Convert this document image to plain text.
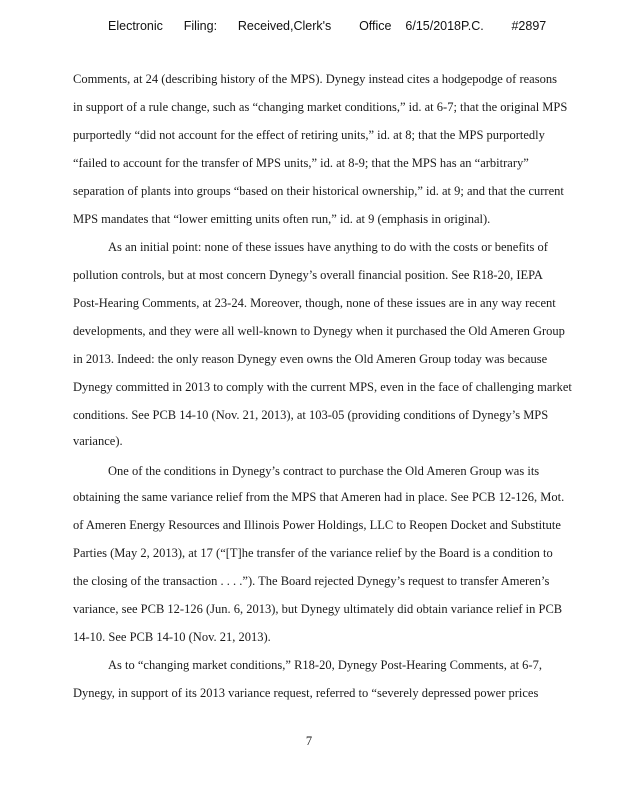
Electronic      Filing:      Received,Clerk's        Office    6/15/2018P.C.        #2897
Comments, at 24 (describing history of the MPS). Dynegy instead cites a hodgepodge of reasons
in support of a rule change, such as “changing market conditions,” id. at 6-7; that the original MPS
purportedly “did not account for the effect of retiring units,” id. at 8; that the MPS purportedly
“failed to account for the transfer of MPS units,” id. at 8-9; that the MPS has an “arbitrary”
separation of plants into groups “based on their historical ownership,” id. at 9; and that the current
MPS mandates that “lower emitting units often run,” id. at 9 (emphasis in original).
As an initial point: none of these issues have anything to do with the costs or benefits of
pollution controls, but at most concern Dynegy’s overall financial position. See R18-20, IEPA
Post-Hearing Comments, at 23-24. Moreover, though, none of these issues are in any way recent
developments, and they were all well-known to Dynegy when it purchased the Old Ameren Group
in 2013. Indeed: the only reason Dynegy even owns the Old Ameren Group today was because
Dynegy committed in 2013 to comply with the current MPS, even in the face of challenging market
conditions. See PCB 14-10 (Nov. 21, 2013), at 103-05 (providing conditions of Dynegy’s MPS
variance).
One of the conditions in Dynegy’s contract to purchase the Old Ameren Group was its
obtaining the same variance relief from the MPS that Ameren had in place. See PCB 12-126, Mot.
of Ameren Energy Resources and Illinois Power Holdings, LLC to Reopen Docket and Substitute
Parties (May 2, 2013), at 17 (“[T]he transfer of the variance relief by the Board is a condition to
the closing of the transaction . . . .”). The Board rejected Dynegy’s request to transfer Ameren’s
variance, see PCB 12-126 (Jun. 6, 2013), but Dynegy ultimately did obtain variance relief in PCB
14-10. See PCB 14-10 (Nov. 21, 2013).
As to “changing market conditions,” R18-20, Dynegy Post-Hearing Comments, at 6-7,
Dynegy, in support of its 2013 variance request, referred to “severely depressed power prices
7
